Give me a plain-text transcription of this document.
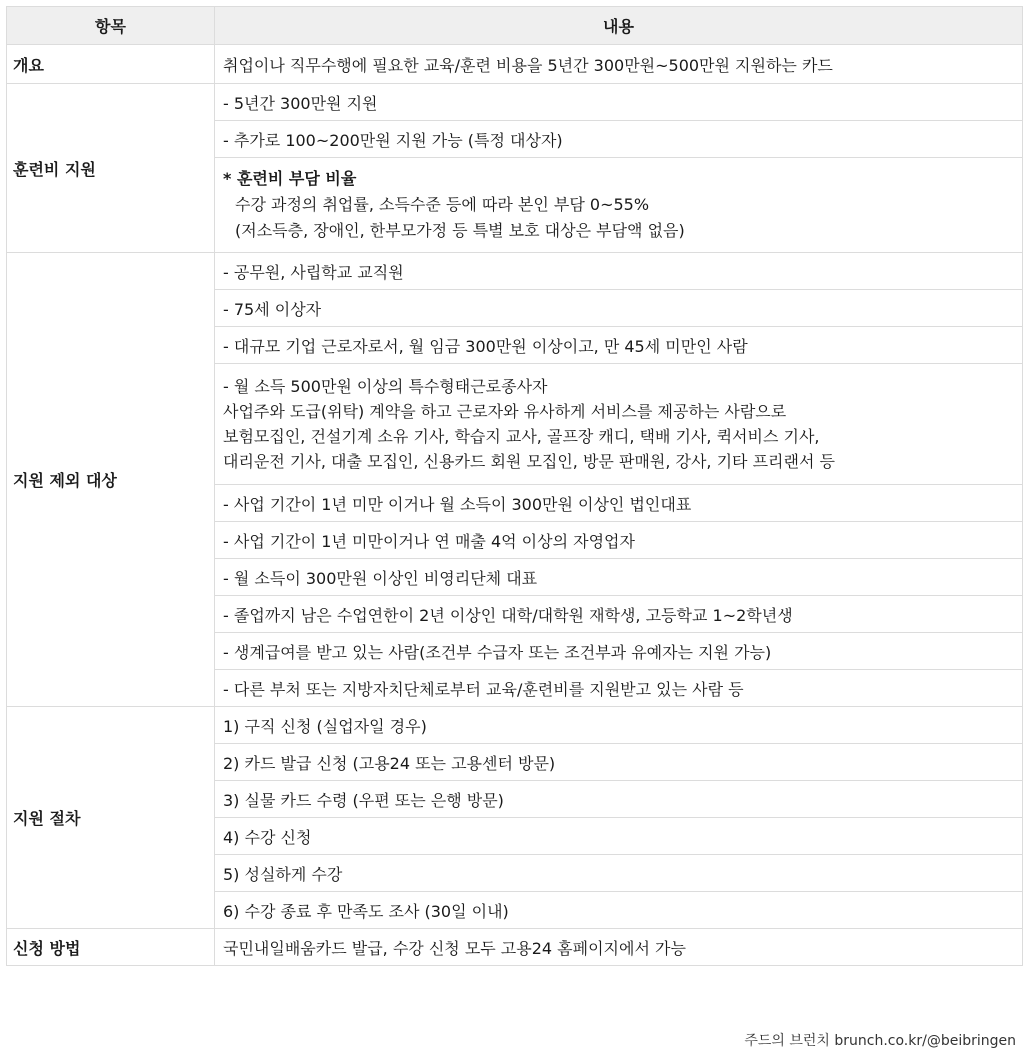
항목	내용
개요	취업이나 직무수행에 필요한 교육/훈련 비용을 5년간 300만원~500만원 지원하는 카드
훈련비 지원	- 5년간 300만원 지원
	- 추가로 100~200만원 지원 가능 (특정 대상자)

	* 훈련비 부담 비율
수강 과정의 취업률, 소득수준 등에 따라 본인 부담 0~55%
(저소득층, 장애인, 한부모가정 등 특별 보호 대상은 부담액 없음)

지원 제외 대상	- 공무원, 사립학교 교직원
	- 75세 이상자
	- 대규모 기업 근로자로서, 월 임금 300만원 이상이고, 만 45세 미만인 사람

	- 월 소득 500만원 이상의 특수형태근로종사자
사업주와 도급(위탁) 계약을 하고 근로자와 유사하게 서비스를 제공하는 사람으로
보험모집인, 건설기계 소유 기사, 학습지 교사, 골프장 캐디, 택배 기사, 퀵서비스 기사,
대리운전 기사, 대출 모집인, 신용카드 회원 모집인, 방문 판매원, 강사, 기타 프리랜서 등

	- 사업 기간이 1년 미만 이거나 월 소득이 300만원 이상인 법인대표
	- 사업 기간이 1년 미만이거나 연 매출 4억 이상의 자영업자
	- 월 소득이 300만원 이상인 비영리단체 대표
	- 졸업까지 남은 수업연한이 2년 이상인 대학/대학원 재학생, 고등학교 1~2학년생
	- 생계급여를 받고 있는 사람(조건부 수급자 또는 조건부과 유예자는 지원 가능)
	- 다른 부처 또는 지방자치단체로부터 교육/훈련비를 지원받고 있는 사람 등
지원 절차	1) 구직 신청 (실업자일 경우)
	2) 카드 발급 신청 (고용24 또는 고용센터 방문)
	3) 실물 카드 수령 (우편 또는 은행 방문)
	4) 수강 신청
	5) 성실하게 수강
	6) 수강 종료 후 만족도 조사 (30일 이내)
신청 방법	국민내일배움카드 발급, 수강 신청 모두 고용24 홈페이지에서 가능
주드의 브런치 brunch.co.kr/@beibringen
